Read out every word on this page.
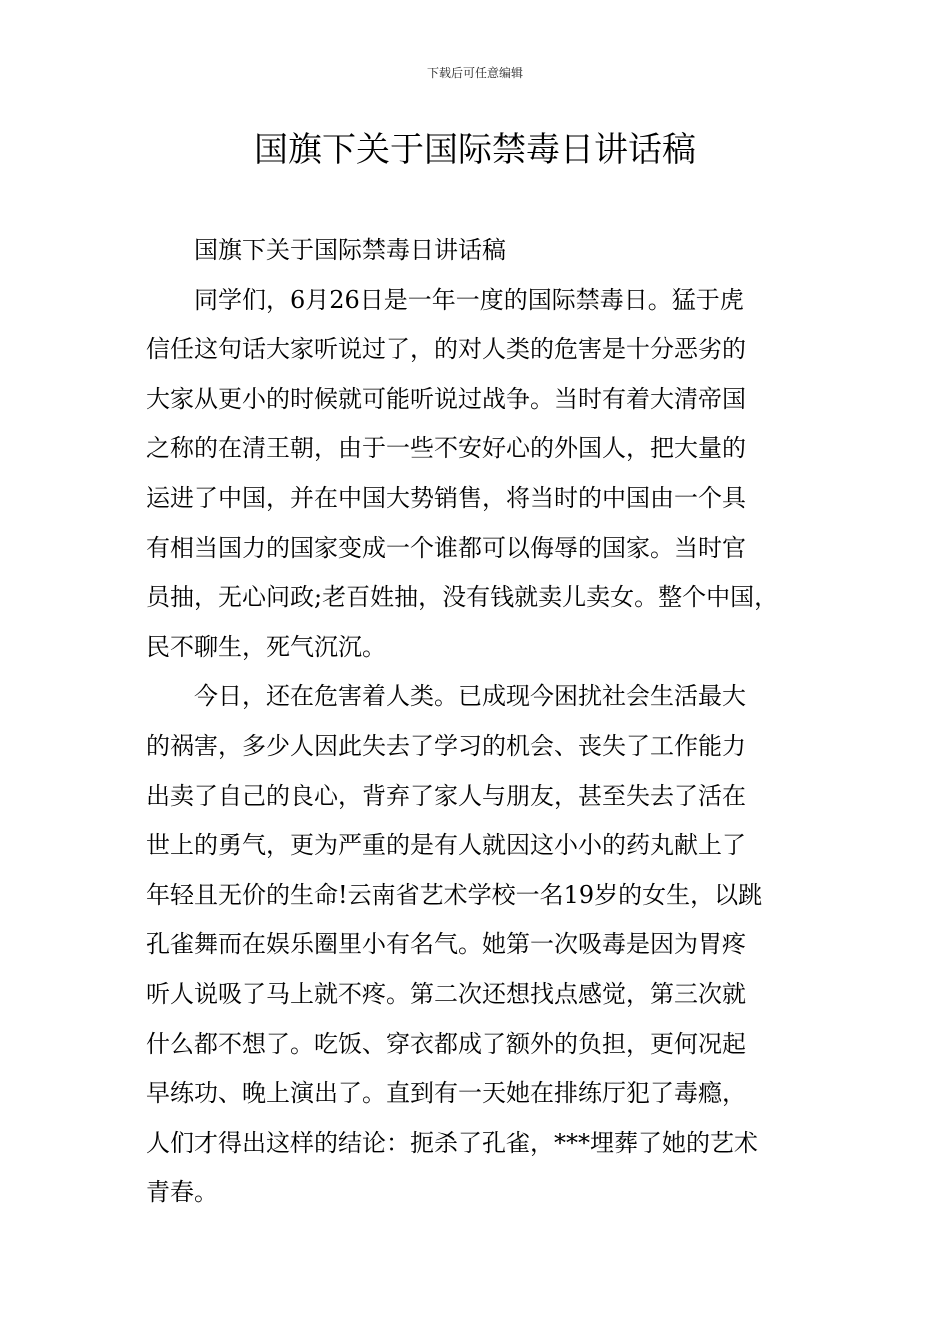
下载后可任意编辑
国旗下关于国际禁毒日讲话稿
国旗下关于国际禁毒日讲话稿
同学们，6月26日是一年一度的国际禁毒日。猛于虎
信任这句话大家听说过了，的对人类的危害是十分恶劣的
大家从更小的时候就可能听说过战争。当时有着大清帝国
之称的在清王朝，由于一些不安好心的外国人，把大量的
运进了中国，并在中国大势销售，将当时的中国由一个具
有相当国力的国家变成一个谁都可以侮辱的国家。当时官
员抽，无心问政;老百姓抽，没有钱就卖儿卖女。整个中国，
民不聊生，死气沉沉。
今日，还在危害着人类。已成现今困扰社会生活最大
的祸害，多少人因此失去了学习的机会、丧失了工作能力
出卖了自己的良心，背弃了家人与朋友，甚至失去了活在
世上的勇气，更为严重的是有人就因这小小的药丸献上了
年轻且无价的生命!云南省艺术学校一名19岁的女生，以跳
孔雀舞而在娱乐圈里小有名气。她第一次吸毒是因为胃疼
听人说吸了马上就不疼。第二次还想找点感觉，第三次就
什么都不想了。吃饭、穿衣都成了额外的负担，更何况起
早练功、晚上演出了。直到有一天她在排练厅犯了毒瘾，
人们才得出这样的结论：扼杀了孔雀，***埋葬了她的艺术
青春。
